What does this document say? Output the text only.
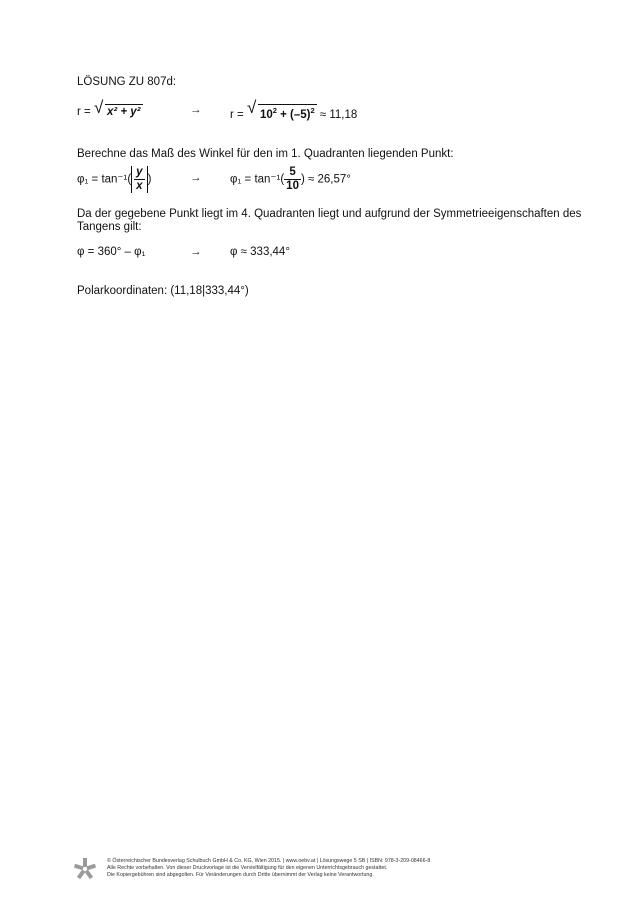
LÖSUNG ZU 807d:
r = √ x² + y²	→ r = √ $10^2 + (-5)^2 \approx 11,18$
Berechne das Maß des Winkel für den im 1. Quadranten liegenden Punkt:
$\varphi_1 = \tan^{-1}( \frac{y}{x}$ )	→ $\varphi_1 = \tan^{-1}( \frac{5}{10}$ ) ≈ 26,57°
Da der gegebene Punkt liegt im 4. Quadranten liegt und aufgrund der Symmetrieeigenschaften des
Tangens gilt:
φ = 360° – φ₁	→ φ ≈ 333,44°
Polarkoordinaten: (11,18|333,44°)
© Österreichischer Bundesverlag Schulbuch GmbH & Co. KG, Wien 2015. | www.oebv.at | Lösungswege 5 SB | ISBN: 978-3-209-08466-8
Alle Rechte vorbehalten. Von dieser Druckvorlage ist die Vervielfältigung für den eigenen Unterrichtsgebrauch gestattet.
Die Kopiergebühren sind abgegolten. Für Veränderungen durch Dritte übernimmt der Verlag keine Verantwortung.
